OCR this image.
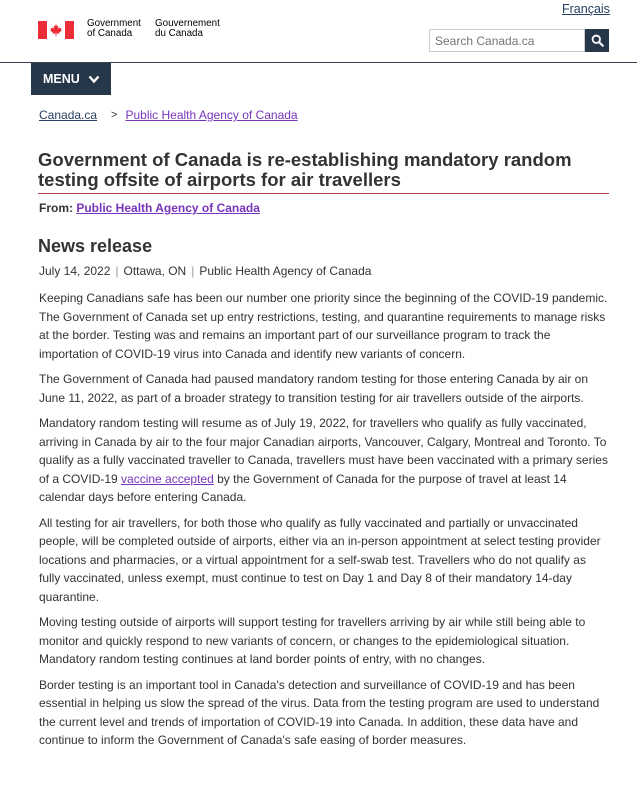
Français
Government
of Canada
Gouvernement
du Canada
Search Canada.ca
MENU
Canada.ca > Public Health Agency of Canada
Government of Canada is re-establishing mandatory random testing offsite of airports for air travellers
From: Public Health Agency of Canada
News release
July 14, 2022 | Ottawa, ON | Public Health Agency of Canada

Keeping Canadians safe has been our number one priority since the beginning of the COVID-19 pandemic. The Government of Canada set up entry restrictions, testing, and quarantine requirements to manage risks at the border. Testing was and remains an important part of our surveillance program to track the importation of COVID-19 virus into Canada and identify new variants of concern.

The Government of Canada had paused mandatory random testing for those entering Canada by air on June 11, 2022, as part of a broader strategy to transition testing for air travellers outside of the airports.

Mandatory random testing will resume as of July 19, 2022, for travellers who qualify as fully vaccinated, arriving in Canada by air to the four major Canadian airports, Vancouver, Calgary, Montreal and Toronto. To qualify as a fully vaccinated traveller to Canada, travellers must have been vaccinated with a primary series of a COVID-19 vaccine accepted by the Government of Canada for the purpose of travel at least 14 calendar days before entering Canada.

All testing for air travellers, for both those who qualify as fully vaccinated and partially or unvaccinated people, will be completed outside of airports, either via an in-person appointment at select testing provider locations and pharmacies, or a virtual appointment for a self-swab test. Travellers who do not qualify as fully vaccinated, unless exempt, must continue to test on Day 1 and Day 8 of their mandatory 14-day quarantine.

Moving testing outside of airports will support testing for travellers arriving by air while still being able to monitor and quickly respond to new variants of concern, or changes to the epidemiological situation. Mandatory random testing continues at land border points of entry, with no changes.

Border testing is an important tool in Canada's detection and surveillance of COVID-19 and has been essential in helping us slow the spread of the virus. Data from the testing program are used to understand the current level and trends of importation of COVID-19 into Canada. In addition, these data have and continue to inform the Government of Canada's safe easing of border measures.
